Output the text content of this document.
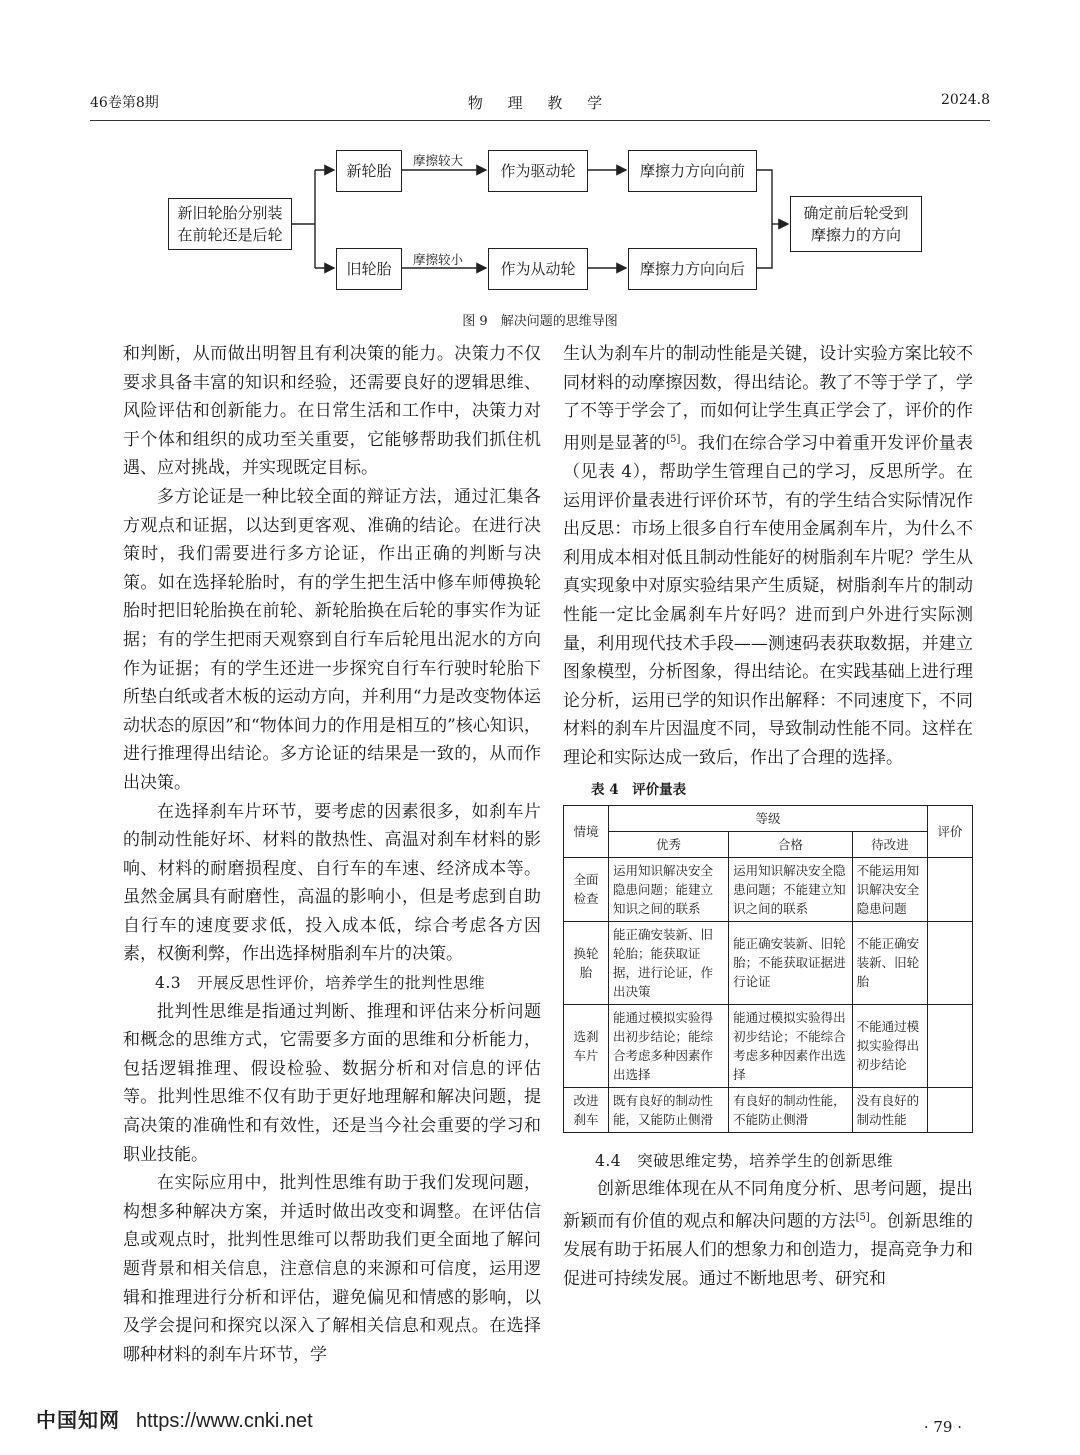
46卷第8期	物 理 教 学	2024.8
新旧轮胎分别装
在前轮还是后轮
新轮胎
旧轮胎
摩擦较大
摩擦较小
作为驱动轮
作为从动轮
摩擦力方向向前
摩擦力方向向后
确定前后轮受到
摩擦力的方向
图 9　解决问题的思维导图

和判断，从而做出明智且有利决策的能力。决策力不仅要求具备丰富的知识和经验，还需要良好的逻辑思维、风险评估和创新能力。在日常生活和工作中，决策力对于个体和组织的成功至关重要，它能够帮助我们抓住机遇、应对挑战，并实现既定目标。

多方论证是一种比较全面的辩证方法，通过汇集各方观点和证据，以达到更客观、准确的结论。在进行决策时，我们需要进行多方论证，作出正确的判断与决策。如在选择轮胎时，有的学生把生活中修车师傅换轮胎时把旧轮胎换在前轮、新轮胎换在后轮的事实作为证据；有的学生把雨天观察到自行车后轮甩出泥水的方向作为证据；有的学生还进一步探究自行车行驶时轮胎下所垫白纸或者木板的运动方向，并利用“力是改变物体运动状态的原因”和“物体间力的作用是相互的”核心知识，进行推理得出结论。多方论证的结果是一致的，从而作出决策。

在选择刹车片环节，要考虑的因素很多，如刹车片的制动性能好坏、材料的散热性、高温对刹车材料的影响、材料的耐磨损程度、自行车的车速、经济成本等。虽然金属具有耐磨性，高温的影响小，但是考虑到自助自行车的速度要求低，投入成本低，综合考虑各方因素，权衡利弊，作出选择树脂刹车片的决策。

4.3　开展反思性评价，培养学生的批判性思维

批判性思维是指通过判断、推理和评估来分析问题和概念的思维方式，它需要多方面的思维和分析能力，包括逻辑推理、假设检验、数据分析和对信息的评估等。批判性思维不仅有助于更好地理解和解决问题，提高决策的准确性和有效性，还是当今社会重要的学习和职业技能。

在实际应用中，批判性思维有助于我们发现问题，构想多种解决方案，并适时做出改变和调整。在评估信息或观点时，批判性思维可以帮助我们更全面地了解问题背景和相关信息，注意信息的来源和可信度，运用逻辑和推理进行分析和评估，避免偏见和情感的影响，以及学会提问和探究以深入了解相关信息和观点。在选择哪种材料的刹车片环节，学

生认为刹车片的制动性能是关键，设计实验方案比较不同材料的动摩擦因数，得出结论。教了不等于学了，学了不等于学会了，而如何让学生真正学会了，评价的作用则是显著的[5]。我们在综合学习中着重开发评价量表（见表 4），帮助学生管理自己的学习，反思所学。在运用评价量表进行评价环节，有的学生结合实际情况作出反思：市场上很多自行车使用金属刹车片，为什么不利用成本相对低且制动性能好的树脂刹车片呢？学生从真实现象中对原实验结果产生质疑，树脂刹车片的制动性能一定比金属刹车片好吗？进而到户外进行实际测量，利用现代技术手段——测速码表获取数据，并建立图象模型，分析图象，得出结论。在实践基础上进行理论分析，运用已学的知识作出解释：不同速度下，不同材料的刹车片因温度不同，导致制动性能不同。这样在理论和实际达成一致后，作出了合理的选择。

表 4　评价量表
情境	等级			评价
	优秀	合格	待改进	
全面检查	运用知识解决安全隐患问题；能建立知识之间的联系	运用知识解决安全隐患问题；不能建立知识之间的联系	不能运用知识解决安全隐患问题	
换轮胎	能正确安装新、旧轮胎；能获取证据，进行论证，作出决策	能正确安装新、旧轮胎；不能获取证据进行论证	不能正确安装新、旧轮胎	
选刹车片	能通过模拟实验得出初步结论；能综合考虑多种因素作出选择	能通过模拟实验得出初步结论；不能综合考虑多种因素作出选择	不能通过模拟实验得出初步结论	
改进刹车	既有良好的制动性能，又能防止侧滑	有良好的制动性能，不能防止侧滑	没有良好的制动性能	
4.4　突破思维定势，培养学生的创新思维

创新思维体现在从不同角度分析、思考问题，提出新颖而有价值的观点和解决问题的方法[5]。创新思维的发展有助于拓展人们的想象力和创造力，提高竞争力和促进可持续发展。通过不断地思考、研究和

· 79 ·
中国知网 https://www.cnki.net
